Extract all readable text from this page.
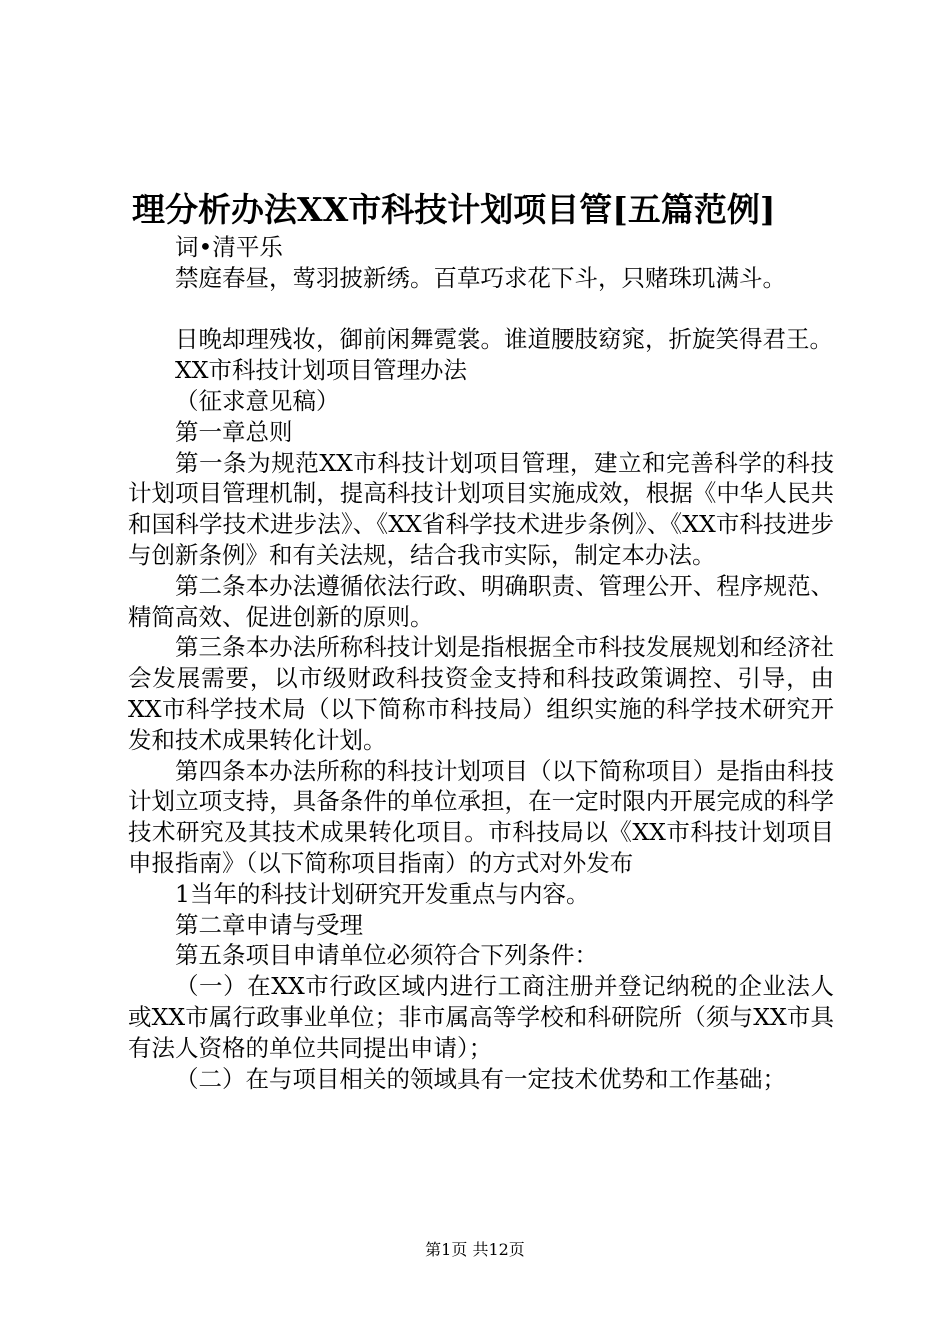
理分析办法XX市科技计划项目管[五篇范例]

词•清平乐

禁庭春昼，莺羽披新绣。百草巧求花下斗，只赌珠玑满斗。

日晚却理残妆，御前闲舞霓裳。谁道腰肢窈窕，折旋笑得君王。

XX市科技计划项目管理办法

（征求意见稿）

第一章总则

第一条为规范XX市科技计划项目管理，建立和完善科学的科技计划项目管理机制，提高科技计划项目实施成效，根据《中华人民共和国科学技术进步法》、《XX省科学技术进步条例》、《XX市科技进步与创新条例》和有关法规，结合我市实际，制定本办法。

第二条本办法遵循依法行政、明确职责、管理公开、程序规范、精简高效、促进创新的原则。

第三条本办法所称科技计划是指根据全市科技发展规划和经济社会发展需要，以市级财政科技资金支持和科技政策调控、引导，由XX市科学技术局（以下简称市科技局）组织实施的科学技术研究开发和技术成果转化计划。

第四条本办法所称的科技计划项目（以下简称项目）是指由科技计划立项支持，具备条件的单位承担，在一定时限内开展完成的科学技术研究及其技术成果转化项目。市科技局以《XX市科技计划项目申报指南》（以下简称项目指南）的方式对外发布

1当年的科技计划研究开发重点与内容。

第二章申请与受理

第五条项目申请单位必须符合下列条件：

（一）在XX市行政区域内进行工商注册并登记纳税的企业法人或XX市属行政事业单位；非市属高等学校和科研院所（须与XX市具有法人资格的单位共同提出申请）；

（二）在与项目相关的领域具有一定技术优势和工作基础；

第1页 共12页
